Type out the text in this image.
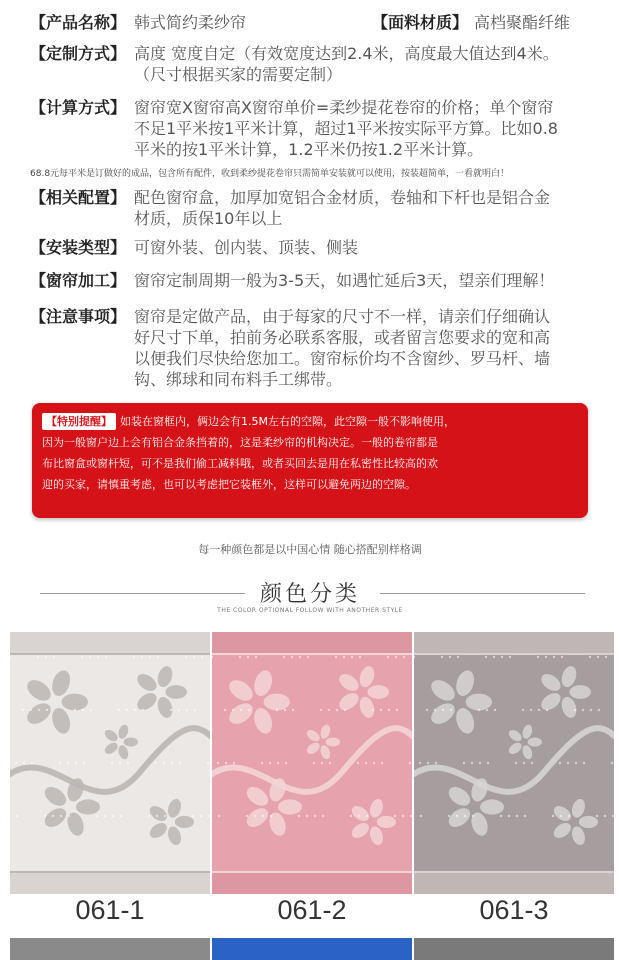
【产品名称】 韩式简约柔纱帘	【面料材质】 高档聚酯纤维
【定制方式】 高度 宽度自定（有效宽度达到2.4米，高度最大值达到4米。
（尺寸根据买家的需要定制）
【计算方式】 窗帘宽X窗帘高X窗帘单价=柔纱提花卷帘的价格；单个窗帘
不足1平米按1平米计算，超过1平米按实际平方算。比如0.8
平米的按1平米计算，1.2平米仍按1.2平米计算。
68.8元每平米是订做好的成品，包含所有配件，收到柔纱提花卷帘只需简单安装就可以使用，按装超简单，一看就明白！
【相关配置】 配色窗帘盒，加厚加宽铝合金材质，卷轴和下杆也是铝合金
材质，质保10年以上
【安装类型】 可窗外装、创内装、顶装、侧装
【窗帘加工】 窗帘定制周期一般为3-5天，如遇忙延后3天，望亲们理解！
【注意事项】 窗帘是定做产品，由于每家的尺寸不一样，请亲们仔细确认
好尺寸下单，拍前务必联系客服，或者留言您要求的宽和高
以便我们尽快给您加工。窗帘标价均不含窗纱、罗马杆、墙
钩、绑球和同布料手工绑带。
【特别提醒】 如装在窗框内，俩边会有1.5M左右的空隙，此空隙一般不影响使用，
因为一般窗户边上会有铝合金条挡着的，这是柔纱帘的机构决定。一般的卷帘都是
布比窗盒或窗杆短，可不是我们偷工减料哦，或者买回去是用在私密性比较高的欢
迎的买家，请慎重考虑，也可以考虑把它装框外，这样可以避免两边的空隙。
每一种颜色都是以中国心情 随心搭配别样格调
颜色分类
THE COLOR OPTIONAL FOLLOW WITH ANOTHER STYLE
061-1	061-2	061-3
